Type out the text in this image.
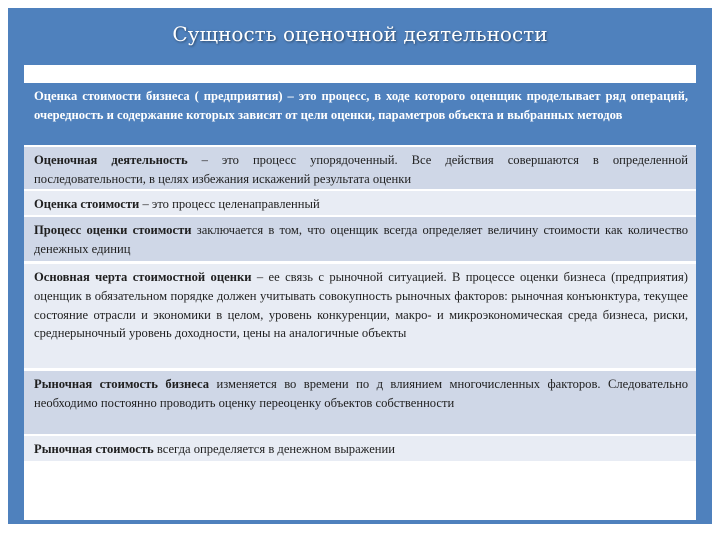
Сущность оценочной деятельности
Оценка стоимости бизнеса ( предприятия) – это процесс, в ходе которого оценщик проделывает ряд операций, очередность и содержание которых зависят от цели оценки, параметров объекта и выбранных методов
Оценочная деятельность – это процесс упорядоченный. Все действия совершаются в определенной последовательности, в целях избежания искажений результата оценки
Оценка стоимости – это процесс целенаправленный
Процесс оценки стоимости заключается в том, что оценщик всегда определяет величину стоимости как количество денежных единиц
Основная черта стоимостной оценки – ее связь с рыночной ситуацией. В процессе оценки бизнеса (предприятия) оценщик в обязательном порядке должен учитывать совокупность рыночных факторов: рыночная конъюнктура, текущее состояние отрасли и экономики в целом, уровень конкуренции, макро- и микроэкономическая среда бизнеса, риски, среднерыночный уровень доходности, цены на аналогичные объекты
Рыночная стоимость бизнеса изменяется во времени по д влиянием многочисленных факторов. Следовательно необходимо постоянно проводить оценку переоценку объектов собственности
Рыночная стоимость всегда определяется в денежном выражении
